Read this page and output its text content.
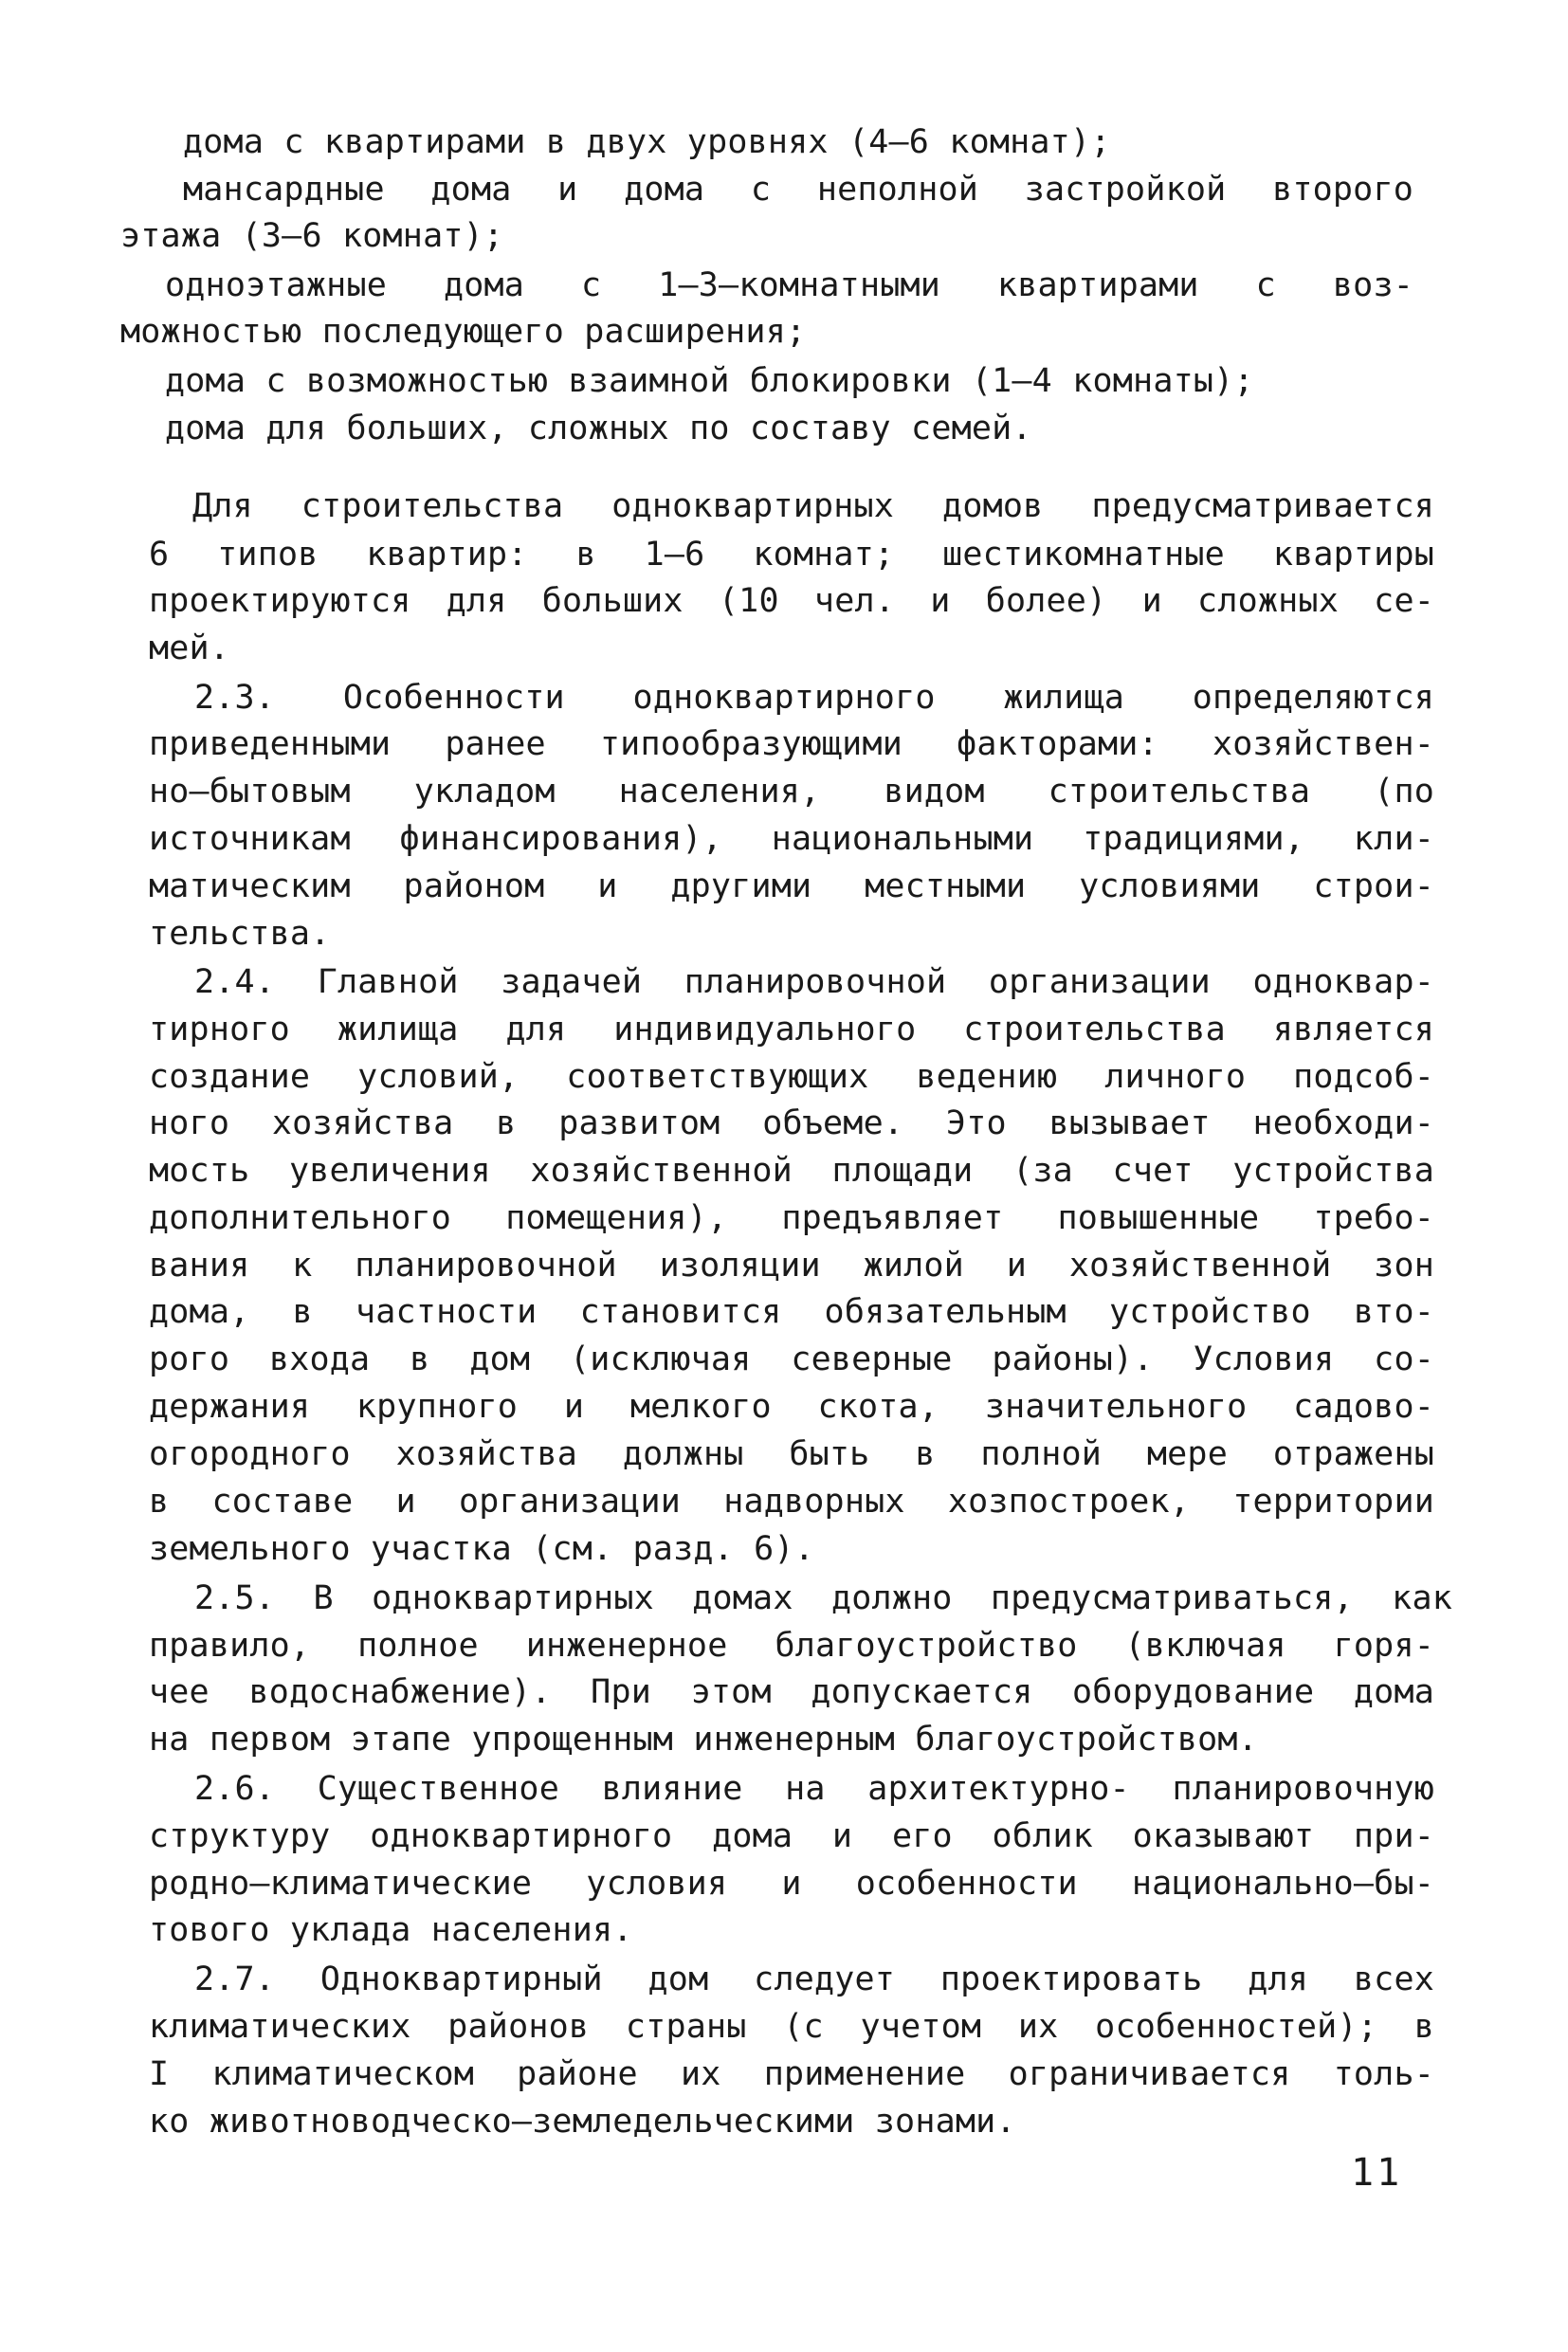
дома с квартирами в двух уровнях (4–6 комнат);
мансардные дома и дома с неполной застройкой второго
этажа (3–6 комнат);
одноэтажные дома с 1–3–комнатными квартирами с воз-
можностью последующего расширения;
дома с возможностью взаимной блокировки (1–4 комнаты);
дома для больших, сложных по составу семей.
Для строительства одноквартирных домов предусматривается
6 типов квартир: в 1–6 комнат; шестикомнатные квартиры
проектируются для больших (10 чел. и более) и сложных се-
мей.
2.3. Особенности одноквартирного жилища определяются
приведенными ранее типообразующими факторами: хозяйствен-
но–бытовым укладом населения, видом строительства (по
источникам финансирования), национальными традициями, кли-
матическим районом и другими местными условиями строи-
тельства.
2.4. Главной задачей планировочной организации одноквар-
тирного жилища для индивидуального строительства является
создание условий, соответствующих ведению личного подсоб-
ного хозяйства в развитом объеме. Это вызывает необходи-
мость увеличения хозяйственной площади (за счет устройства
дополнительного помещения), предъявляет повышенные требо-
вания к планировочной изоляции жилой и хозяйственной зон
дома, в частности становится обязательным устройство вто-
рого входа в дом (исключая северные районы). Условия со-
держания крупного и мелкого скота, значительного садово-
огородного хозяйства должны быть в полной мере отражены
в составе и организации надворных хозпостроек, территории
земельного участка (см. разд. 6).
2.5. В одноквартирных домах должно предусматриваться, как
правило, полное инженерное благоустройство (включая горя-
чее водоснабжение). При этом допускается оборудование дома
на первом этапе упрощенным инженерным благоустройством.
2.6. Существенное влияние на архитектурно- планировочную
структуру одноквартирного дома и его облик оказывают при-
родно–климатические условия и особенности национально–бы-
тового уклада населения.
2.7. Одноквартирный дом следует проектировать для всех
климатических районов страны (с учетом их особенностей); в
I климатическом районе их применение ограничивается толь-
ко животноводческо–земледельческими зонами.
11
